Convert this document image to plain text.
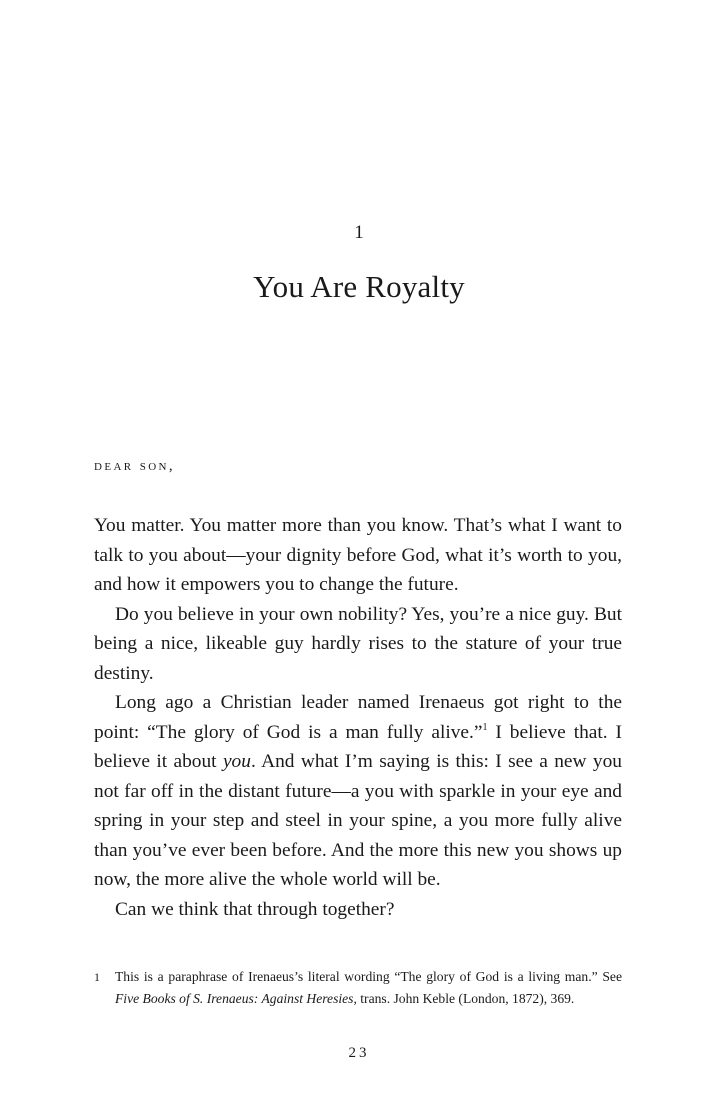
1
You Are Royalty
dear son,

You matter. You matter more than you know. That’s what I want to talk to you about—your dignity before God, what it’s worth to you, and how it empowers you to change the future.

Do you believe in your own nobility? Yes, you’re a nice guy. But being a nice, likeable guy hardly rises to the stature of your true destiny.

Long ago a Christian leader named Irenaeus got right to the point: “The glory of God is a man fully alive.”$^1$ I believe that. I believe it about you. And what I’m saying is this: I see a new you not far off in the distant future—a you with sparkle in your eye and spring in your step and steel in your spine, a you more fully alive than you’ve ever been before. And the more this new you shows up now, the more alive the whole world will be.

Can we think that through together?

1 This is a paraphrase of Irenaeus’s literal wording “The glory of God is a living man.” See Five Books of S. Irenaeus: Against Heresies, trans. John Keble (London, 1872), 369.
23
